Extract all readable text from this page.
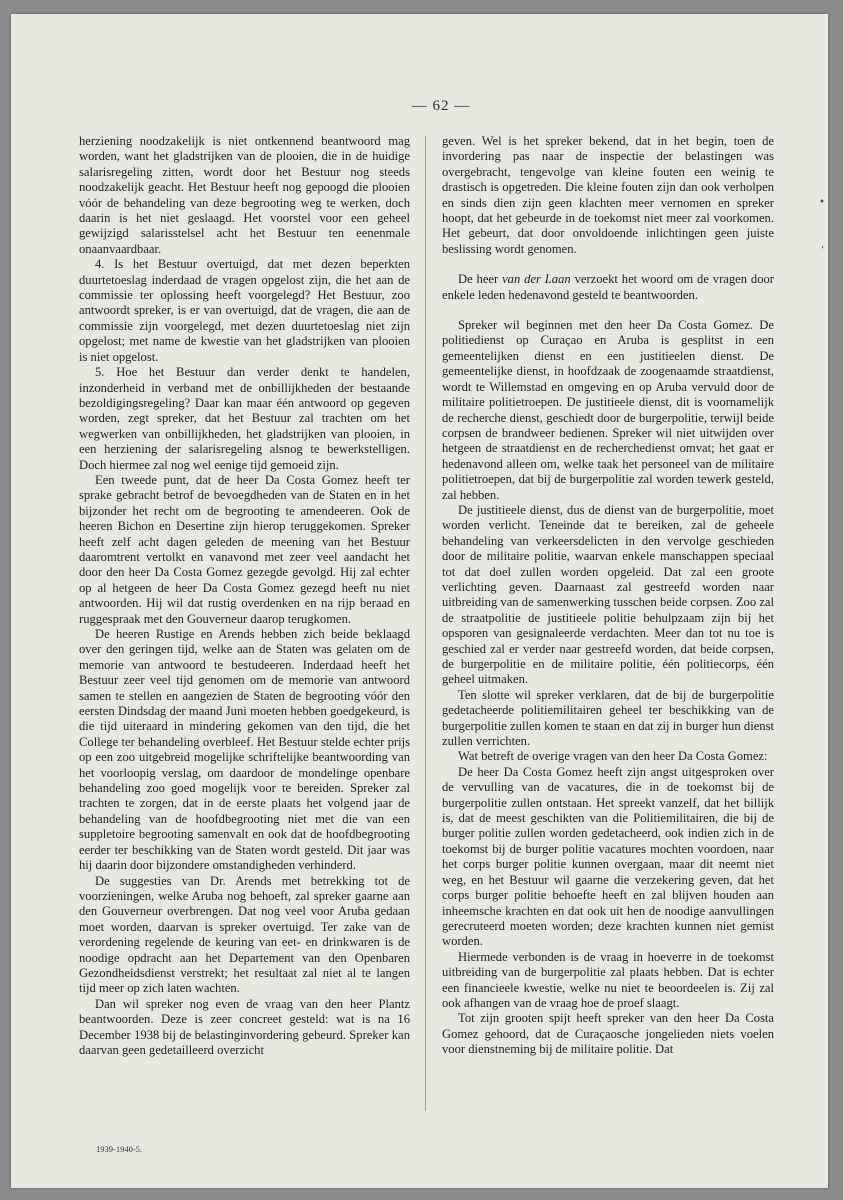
— 62 —

herziening noodzakelijk is niet ontkennend beantwoord mag worden, want het gladstrijken van de plooien, die in de huidige salarisregeling zitten, wordt door het Bestuur nog steeds noodzakelijk geacht. Het Bestuur heeft nog gepoogd die plooien vóór de behandeling van deze begrooting weg te werken, doch daarin is het niet geslaagd. Het voorstel voor een geheel gewijzigd salarisstelsel acht het Bestuur ten eenenmale onaanvaardbaar.

4. Is het Bestuur overtuigd, dat met dezen beperkten duurtetoeslag inderdaad de vragen opgelost zijn, die het aan de commissie ter oplossing heeft voorgelegd? Het Bestuur, zoo antwoordt spreker, is er van overtuigd, dat de vragen, die aan de commissie zijn voorgelegd, met dezen duurtetoeslag niet zijn opgelost; met name de kwestie van het gladstrijken van plooien is niet opgelost.

5. Hoe het Bestuur dan verder denkt te handelen, inzonderheid in verband met de onbillijkheden der bestaande bezoldigingsregeling? Daar kan maar één antwoord op gegeven worden, zegt spreker, dat het Bestuur zal trachten om het wegwerken van onbillijkheden, het gladstrijken van plooien, in een herziening der salarisregeling alsnog te bewerkstelligen. Doch hiermee zal nog wel eenige tijd gemoeid zijn.

Een tweede punt, dat de heer Da Costa Gomez heeft ter sprake gebracht betrof de bevoegdheden van de Staten en in het bijzonder het recht om de begrooting te amendeeren. Ook de heeren Bichon en Desertine zijn hierop teruggekomen. Spreker heeft zelf acht dagen geleden de meening van het Bestuur daaromtrent vertolkt en vanavond met zeer veel aandacht het door den heer Da Costa Gomez gezegde gevolgd. Hij zal echter op al hetgeen de heer Da Costa Gomez gezegd heeft nu niet antwoorden. Hij wil dat rustig overdenken en na rijp beraad en ruggespraak met den Gouverneur daarop terugkomen.

De heeren Rustige en Arends hebben zich beide beklaagd over den geringen tijd, welke aan de Staten was gelaten om de memorie van antwoord te bestudeeren. Inderdaad heeft het Bestuur zeer veel tijd genomen om de memorie van antwoord samen te stellen en aangezien de Staten de begrooting vóór den eersten Dindsdag der maand Juni moeten hebben goedgekeurd, is die tijd uiteraard in mindering gekomen van den tijd, die het College ter behandeling overbleef. Het Bestuur stelde echter prijs op een zoo uitgebreid mogelijke schriftelijke beantwoording van het voorloopig verslag, om daardoor de mondelinge openbare behandeling zoo goed mogelijk voor te bereiden. Spreker zal trachten te zorgen, dat in de eerste plaats het volgend jaar de behandeling van de hoofdbegrooting niet met die van een suppletoire begrooting samenvalt en ook dat de hoofdbegrooting eerder ter beschikking van de Staten wordt gesteld. Dit jaar was hij daarin door bijzondere omstandigheden verhinderd.

De suggesties van Dr. Arends met betrekking tot de voorzieningen, welke Aruba nog behoeft, zal spreker gaarne aan den Gouverneur overbrengen. Dat nog veel voor Aruba gedaan moet worden, daarvan is spreker overtuigd. Ter zake van de verordening regelende de keuring van eet- en drinkwaren is de noodige opdracht aan het Departement van den Openbaren Gezondheidsdienst verstrekt; het resultaat zal niet al te langen tijd meer op zich laten wachten.

Dan wil spreker nog even de vraag van den heer Plantz beantwoorden. Deze is zeer concreet gesteld: wat is na 16 December 1938 bij de belastinginvordering gebeurd. Spreker kan daarvan geen gedetailleerd overzicht

geven. Wel is het spreker bekend, dat in het begin, toen de invordering pas naar de inspectie der belastingen was overgebracht, tengevolge van kleine fouten een weinig te drastisch is opgetreden. Die kleine fouten zijn dan ook verholpen en sinds dien zijn geen klachten meer vernomen en spreker hoopt, dat het gebeurde in de toekomst niet meer zal voorkomen. Het gebeurt, dat door onvoldoende inlichtingen geen juiste beslissing wordt genomen.

De heer van der Laan verzoekt het woord om de vragen door enkele leden hedenavond gesteld te beantwoorden.

Spreker wil beginnen met den heer Da Costa Gomez. De politiedienst op Curaçao en Aruba is gesplitst in een gemeentelijken dienst en een justitieelen dienst. De gemeentelijke dienst, in hoofdzaak de zoogenaamde straatdienst, wordt te Willemstad en omgeving en op Aruba vervuld door de militaire politietroepen. De justitieele dienst, dit is voornamelijk de recherche dienst, geschiedt door de burgerpolitie, terwijl beide corpsen de brandweer bedienen. Spreker wil niet uitwijden over hetgeen de straatdienst en de recherchedienst omvat; het gaat er hedenavond alleen om, welke taak het personeel van de militaire politietroepen, dat bij de burgerpolitie zal worden tewerk gesteld, zal hebben.

De justitieele dienst, dus de dienst van de burgerpolitie, moet worden verlicht. Teneinde dat te bereiken, zal de geheele behandeling van verkeersdelicten in den vervolge geschieden door de militaire politie, waarvan enkele manschappen speciaal tot dat doel zullen worden opgeleid. Dat zal een groote verlichting geven. Daarnaast zal gestreefd worden naar uitbreiding van de samenwerking tusschen beide corpsen. Zoo zal de straatpolitie de justitieele politie behulpzaam zijn bij het opsporen van gesignaleerde verdachten. Meer dan tot nu toe is geschied zal er verder naar gestreefd worden, dat beide corpsen, de burgerpolitie en de militaire politie, één politiecorps, één geheel uitmaken.

Ten slotte wil spreker verklaren, dat de bij de burgerpolitie gedetacheerde politiemilitairen geheel ter beschikking van de burgerpolitie zullen komen te staan en dat zij in burger hun dienst zullen verrichten.

Wat betreft de overige vragen van den heer Da Costa Gomez:

De heer Da Costa Gomez heeft zijn angst uitgesproken over de vervulling van de vacatures, die in de toekomst bij de burgerpolitie zullen ontstaan. Het spreekt vanzelf, dat het billijk is, dat de meest geschikten van die Politiemilitairen, die bij de burger politie zullen worden gedetacheerd, ook indien zich in de toekomst bij de burger politie vacatures mochten voordoen, naar het corps burger politie kunnen overgaan, maar dit neemt niet weg, en het Bestuur wil gaarne die verzekering geven, dat het corps burger politie behoefte heeft en zal blijven houden aan inheemsche krachten en dat ook uit hen de noodige aanvullingen gerecruteerd moeten worden; deze krachten kunnen niet gemist worden.

Hiermede verbonden is de vraag in hoeverre in de toekomst uitbreiding van de burgerpolitie zal plaats hebben. Dat is echter een financieele kwestie, welke nu niet te beoordeelen is. Zij zal ook afhangen van de vraag hoe de proef slaagt.

Tot zijn grooten spijt heeft spreker van den heer Da Costa Gomez gehoord, dat de Curaçaosche jongelieden niets voelen voor dienstneming bij de militaire politie. Dat

•
,
1939-1940-5.
